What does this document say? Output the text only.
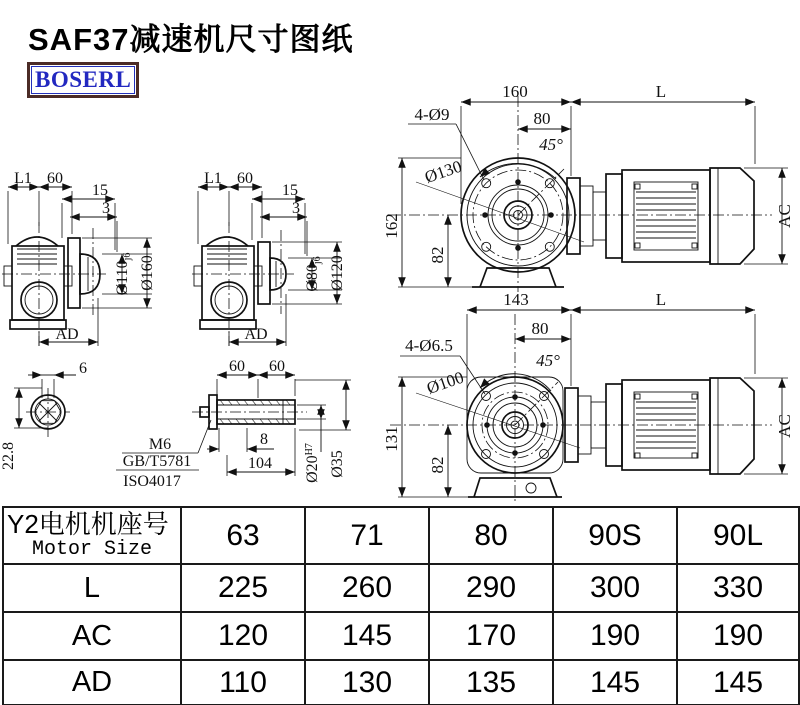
SAF37减速机尺寸图纸
BOSERL
L1 60
15
3
Ø110j6 Ø160
AD
L1 60
15
3
Ø80j6 Ø120
AD
160	L
4-Ø9	80
45°
Ø130
162
82
AC
143	L
4-Ø6.5
80
45°
Ø100
131
82
AC
6
22.8
60 60
M6
GB/T5781
ISO4017
8
104 $Ø20^{H7}$
Ø35
Y2电机机座号
Motor Size	63	71	80	90S	90L
L	225	260	290	300	330
AC	120	145	170	190	190
AD	110	130	135	145	145
